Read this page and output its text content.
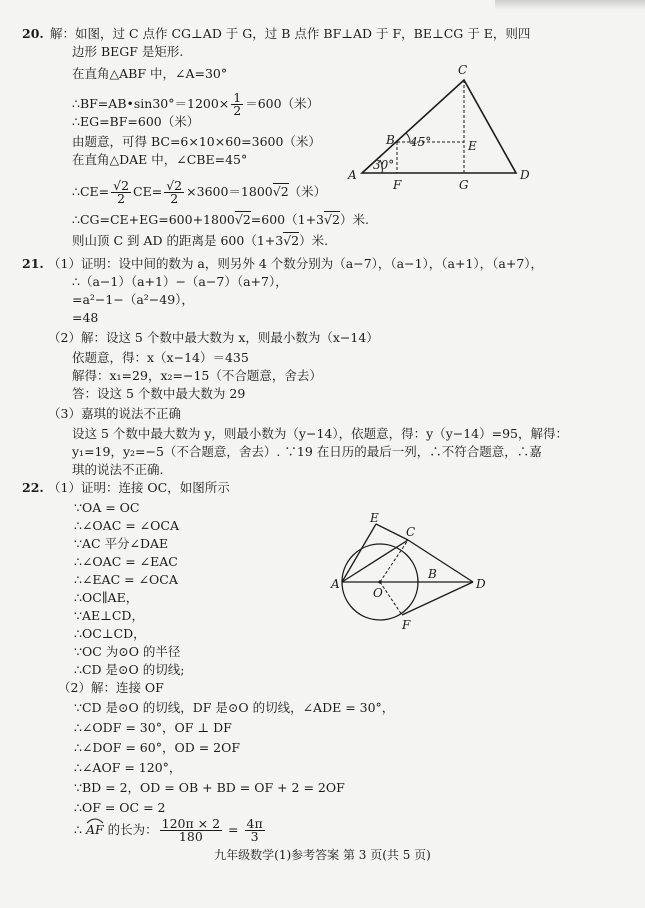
20. 解：如图，过 C 点作 CG⊥AD 于 G，过 B 点作 BF⊥AD 于 F，BE⊥CG 于 E，则四
边形 BEGF 是矩形.
在直角△ABF 中，∠A=30°
∴BF=AB•sin30°＝1200× $\frac{1}{2} =600$（米）
∴EG=BF=600（米）
由题意，可得 BC=6×10×60=3600（米）
在直角△DAE 中，∠CBE=45°
∴CE= $\frac{√2}{2} CE= \frac{√2}{2} \times 3600=1800√2$（米）
∴CG=CE+EG=600+1800√2=600（1+3√2）米.
则山顶 C 到 AD 的距离是 600（1+3√2）米.
C
B 45°	E
30°
A
F	G
D
21. （1）证明：设中间的数为 a，则另外 4 个数分别为（a−7），（a−1），（a+1），（a+7），
∴（a−1）（a+1）−（a−7）（a+7），
=a²−1−（a²−49），
=48
（2）解：设这 5 个数中最大数为 x，则最小数为（x−14）
依题意，得：x（x−14）＝435
解得：x₁=29，x₂=−15（不合题意，舍去）
答：设这 5 个数中最大数为 29
（3）嘉琪的说法不正确
设这 5 个数中最大数为 y，则最小数为（y−14），依题意，得：y（y−14）=95，解得：
y₁=19，y₂=−5（不合题意，舍去）. ∵19 在日历的最后一列，∴不符合题意，∴嘉
琪的说法不正确.
22. （1）证明：连接 OC，如图所示
∵OA = OC
∴∠OAC = ∠OCA
∵AC 平分∠DAE
∴∠OAC = ∠EAC
∴∠EAC = ∠OCA
∴OC∥AE，
∵AE⊥CD，
∴OC⊥CD，
∵OC 为⊙O 的半径
∴CD 是⊙O 的切线;
（2）解：连接 OF
∵CD 是⊙O 的切线，DF 是⊙O 的切线，∠ADE = 30°，
∴∠ODF = 30°，OF ⊥ DF
∴∠DOF = 60°，OD = 2OF
∴∠AOF = 120°，
∵BD = 2，OD = OB + BD = OF + 2 = 2OF
∴OF = OC = 2
∴ AF
的长为： $\frac{120\pi \times 2}{180} = \frac{4\pi}{3}$
E
C
A
O
B
D
F
九年级数学(1)参考答案 第 3 页(共 5 页)
